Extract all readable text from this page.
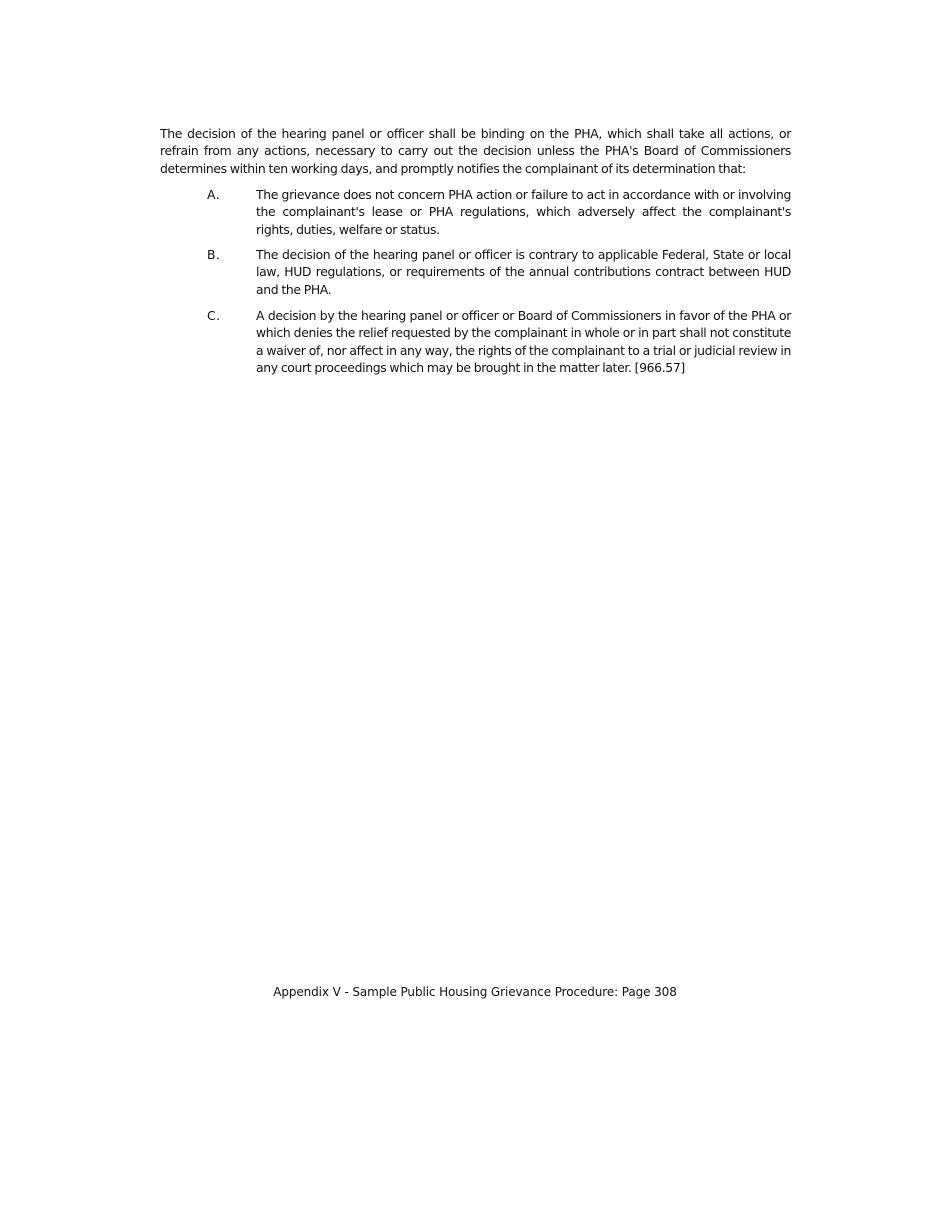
The decision of the hearing panel or officer shall be binding on the PHA, which shall take all actions, or refrain from any actions, necessary to carry out the decision unless the PHA's Board of Commissioners determines within ten working days, and promptly notifies the complainant of its determination that:

A.	The grievance does not concern PHA action or failure to act in accordance with or involving the complainant's lease or PHA regulations, which adversely affect the complainant's rights, duties, welfare or status.

B.	The decision of the hearing panel or officer is contrary to applicable Federal, State or local law, HUD regulations, or requirements of the annual contributions contract between HUD and the PHA.

C.	A decision by the hearing panel or officer or Board of Commissioners in favor of the PHA or which denies the relief requested by the complainant in whole or in part shall not constitute a waiver of, nor affect in any way, the rights of the complainant to a trial or judicial review in any court proceedings which may be brought in the matter later. [966.57]

Appendix V - Sample Public Housing Grievance Procedure: Page 308
